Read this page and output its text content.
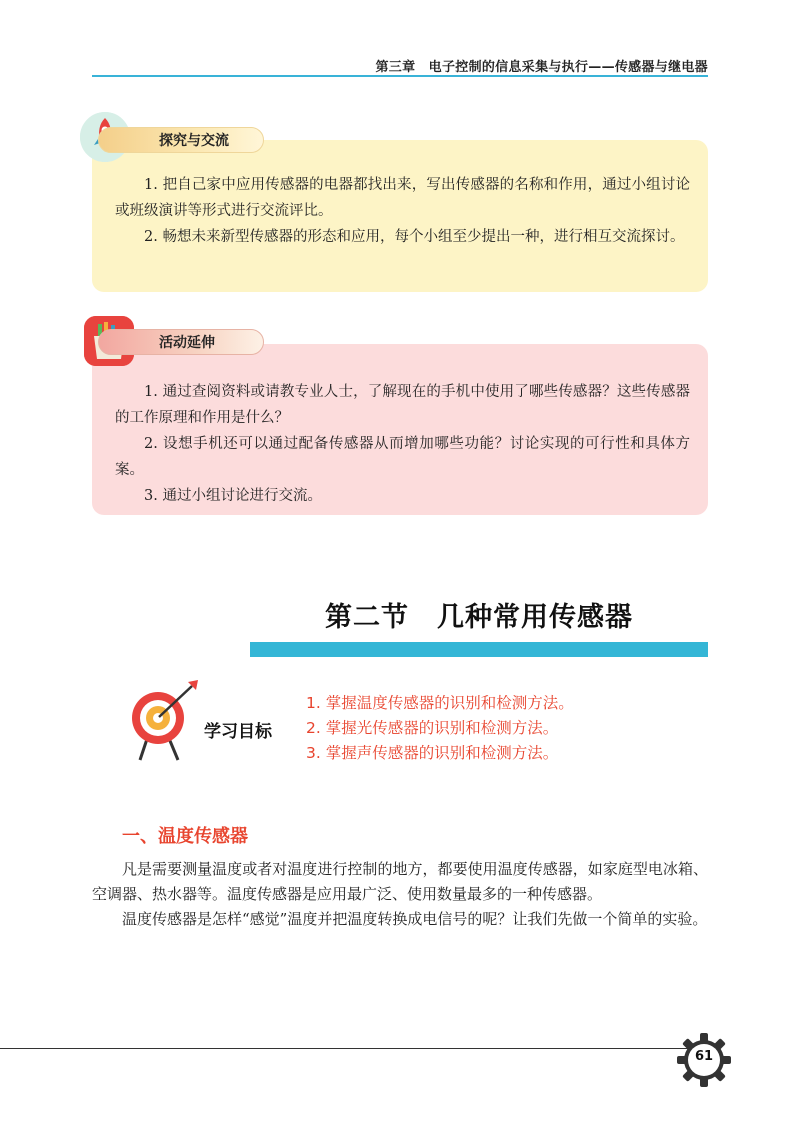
第三章　电子控制的信息采集与执行——传感器与继电器
探究与交流

1. 把自己家中应用传感器的电器都找出来，写出传感器的名称和作用，通过小组讨论或班级演讲等形式进行交流评比。

2. 畅想未来新型传感器的形态和应用，每个小组至少提出一种，进行相互交流探讨。

活动延伸

1. 通过查阅资料或请教专业人士，了解现在的手机中使用了哪些传感器？这些传感器的工作原理和作用是什么？

2. 设想手机还可以通过配备传感器从而增加哪些功能？讨论实现的可行性和具体方案。

3. 通过小组讨论进行交流。

第二节　几种常用传感器
学习目标
1. 掌握温度传感器的识别和检测方法。
2. 掌握光传感器的识别和检测方法。
3. 掌握声传感器的识别和检测方法。
一、温度传感器

凡是需要测量温度或者对温度进行控制的地方，都要使用温度传感器，如家庭型电冰箱、空调器、热水器等。温度传感器是应用最广泛、使用数量最多的一种传感器。

温度传感器是怎样“感觉”温度并把温度转换成电信号的呢？让我们先做一个简单的实验。

61
